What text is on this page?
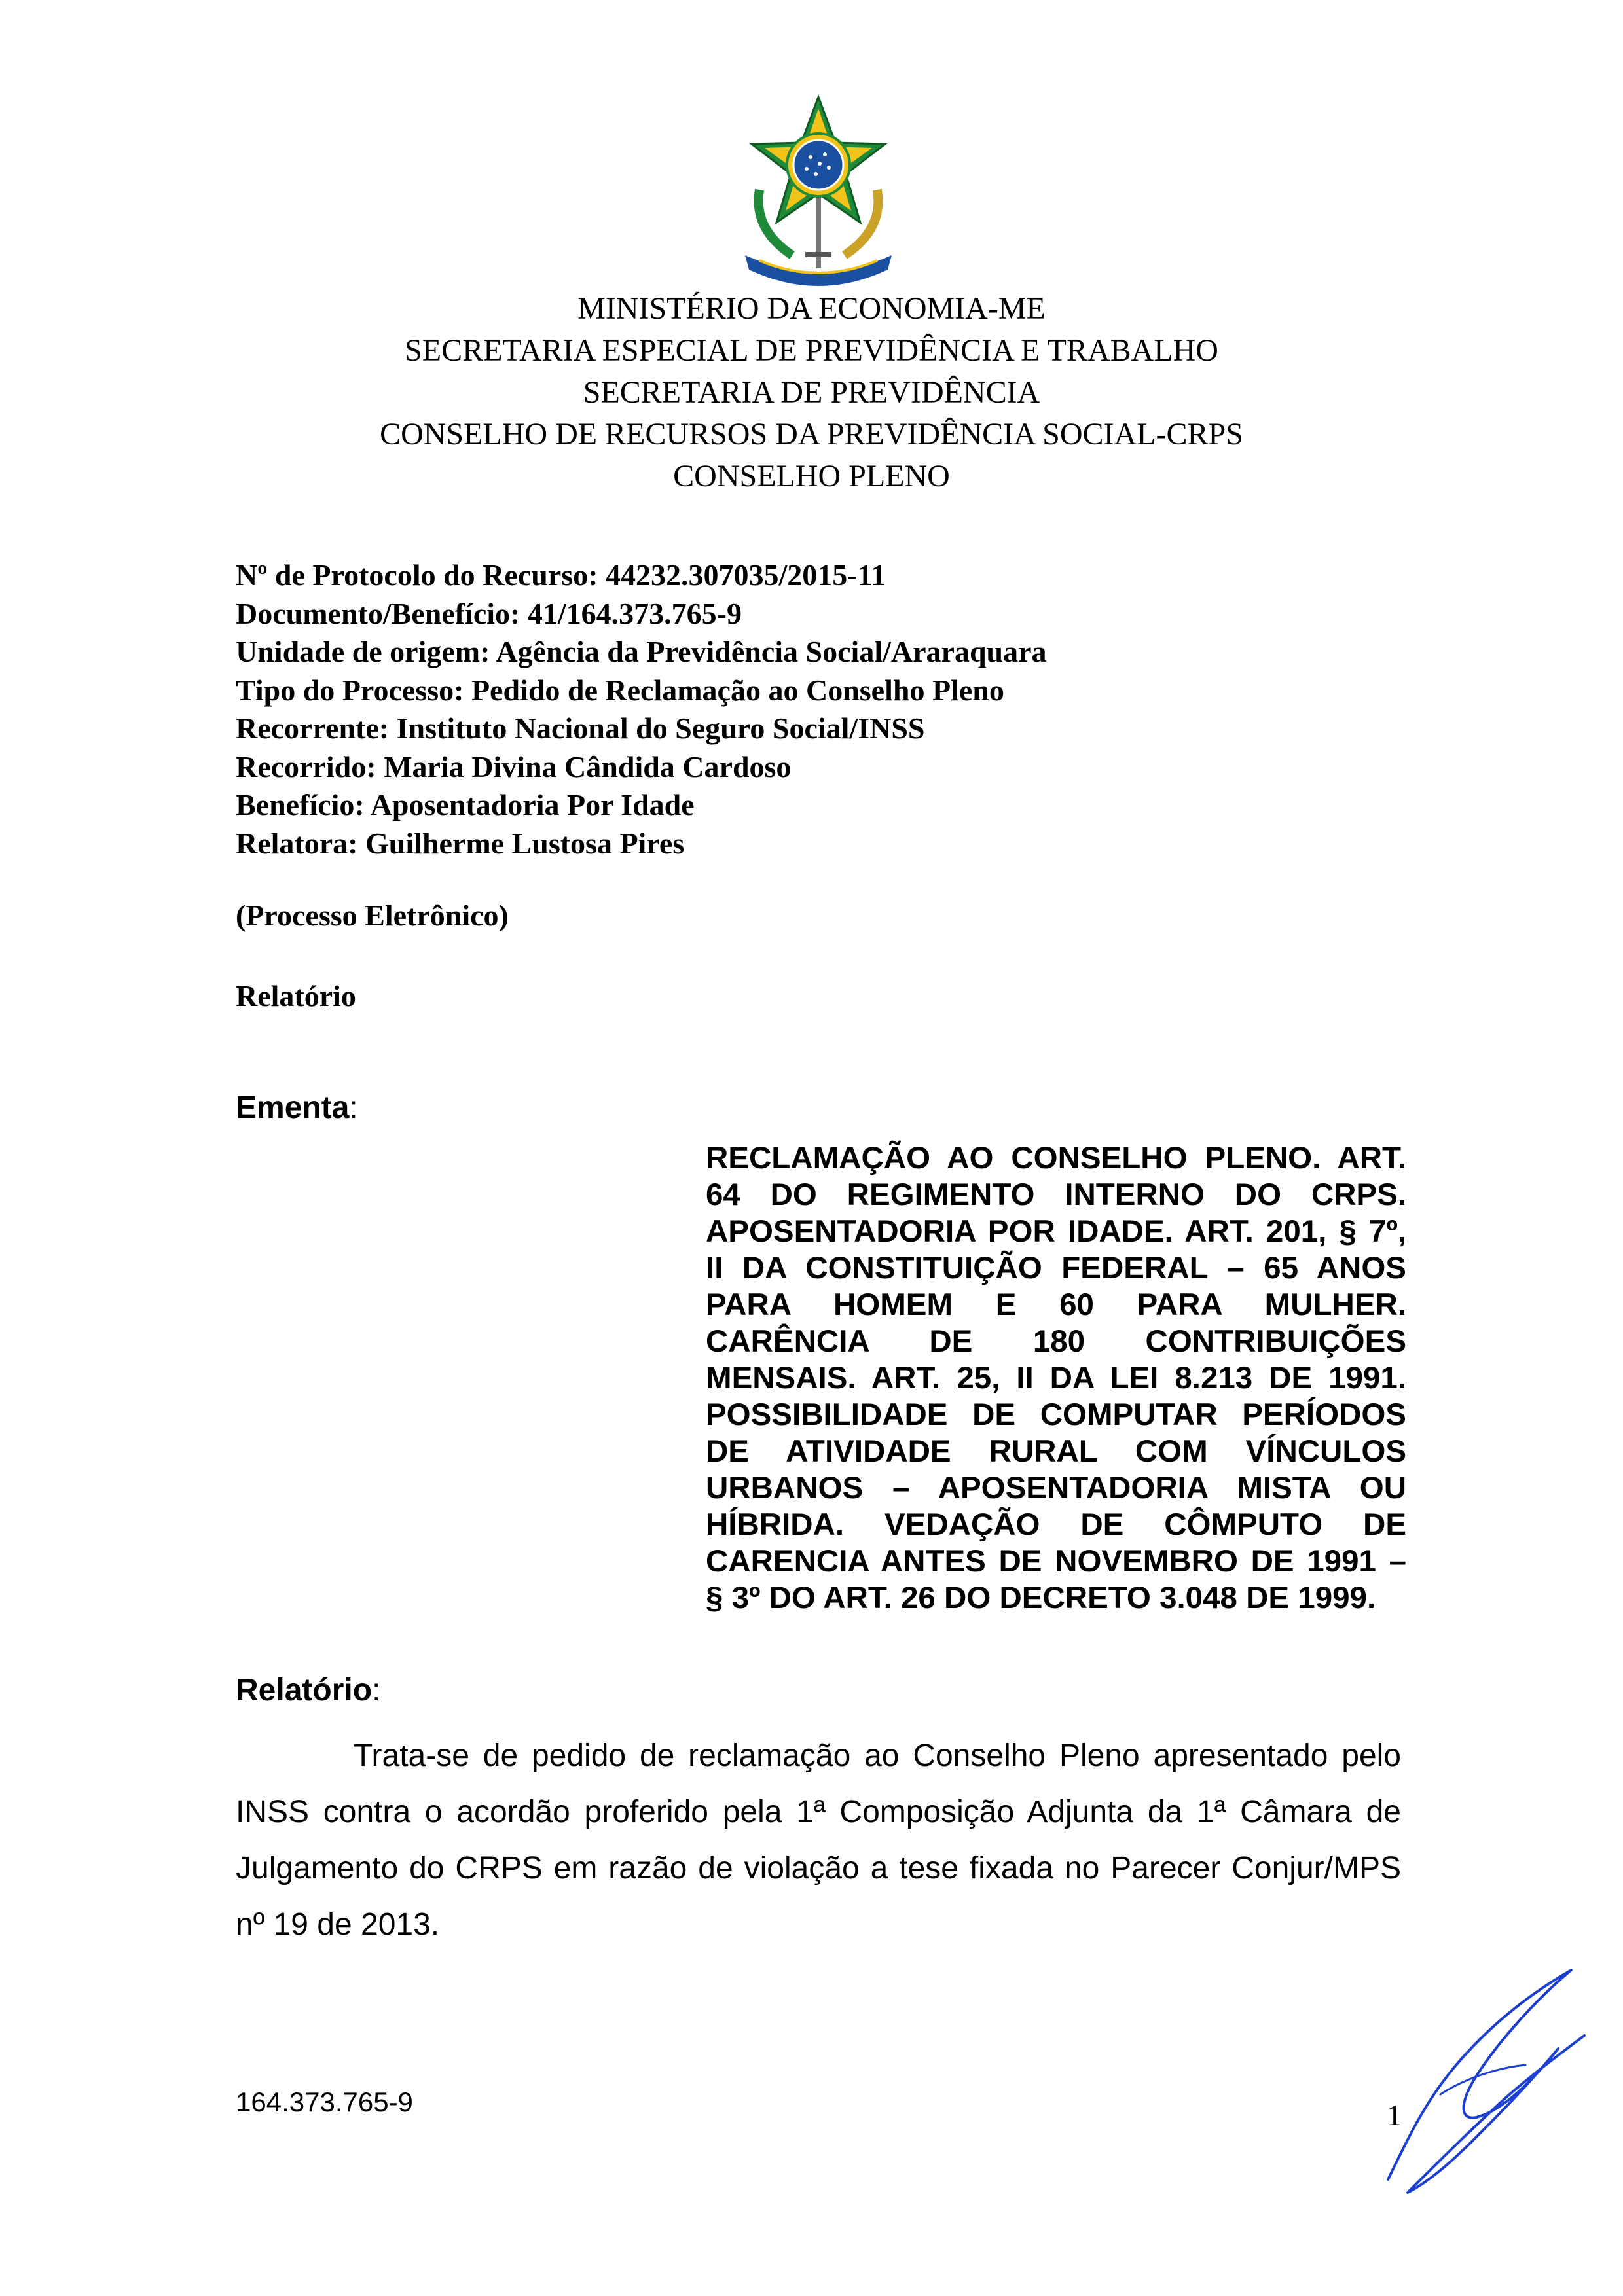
MINISTÉRIO DA ECONOMIA-ME
SECRETARIA ESPECIAL DE PREVIDÊNCIA E TRABALHO
SECRETARIA DE PREVIDÊNCIA
CONSELHO DE RECURSOS DA PREVIDÊNCIA SOCIAL-CRPS
CONSELHO PLENO
Nº de Protocolo do Recurso: 44232.307035/2015-11
Documento/Benefício: 41/164.373.765-9
Unidade de origem: Agência da Previdência Social/Araraquara
Tipo do Processo: Pedido de Reclamação ao Conselho Pleno
Recorrente: Instituto Nacional do Seguro Social/INSS
Recorrido: Maria Divina Cândida Cardoso
Benefício: Aposentadoria Por Idade
Relatora: Guilherme Lustosa Pires
(Processo Eletrônico)
Relatório
Ementa:
RECLAMAÇÃO AO CONSELHO PLENO. ART. 64 DO REGIMENTO INTERNO DO CRPS. APOSENTADORIA POR IDADE. ART. 201, § 7º, II DA CONSTITUIÇÃO FEDERAL – 65 ANOS PARA HOMEM E 60 PARA MULHER. CARÊNCIA DE 180 CONTRIBUIÇÕES MENSAIS. ART. 25, II DA LEI 8.213 DE 1991. POSSIBILIDADE DE COMPUTAR PERÍODOS DE ATIVIDADE RURAL COM VÍNCULOS URBANOS – APOSENTADORIA MISTA OU HÍBRIDA. VEDAÇÃO DE CÔMPUTO DE CARENCIA ANTES DE NOVEMBRO DE 1991 – § 3º DO ART. 26 DO DECRETO 3.048 DE 1999.
Relatório:
Trata-se de pedido de reclamação ao Conselho Pleno apresentado pelo INSS contra o acordão proferido pela 1ª Composição Adjunta da 1ª Câmara de Julgamento do CRPS em razão de violação a tese fixada no Parecer Conjur/MPS nº 19 de 2013.
164.373.765-9	1
